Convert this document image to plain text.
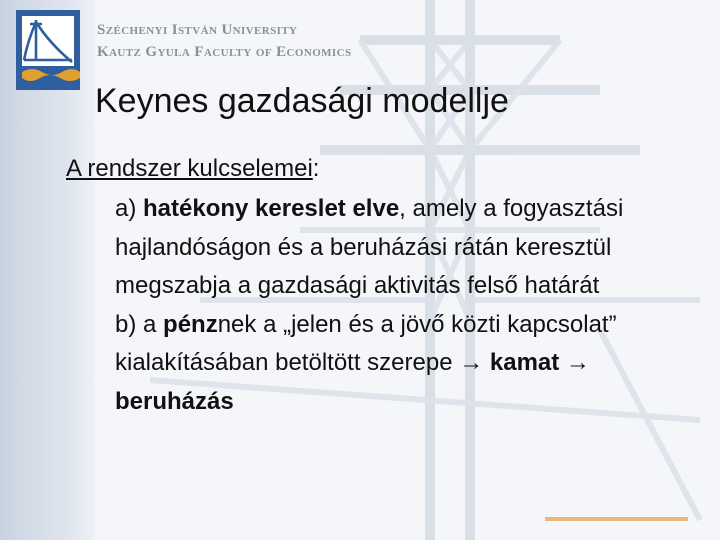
Széchenyi István University
Kautz Gyula Faculty of Economics
Keynes gazdasági modellje
A rendszer kulcselemei:

a) hatékony kereslet elve, amely a fogyasztási hajlandóságon és a beruházási rátán keresztül megszabja a gazdasági aktivitás felső határát

b) a pénznek a „jelen és a jövő közti kapcsolat” kialakításában betöltött szerepe → kamat → beruházás
